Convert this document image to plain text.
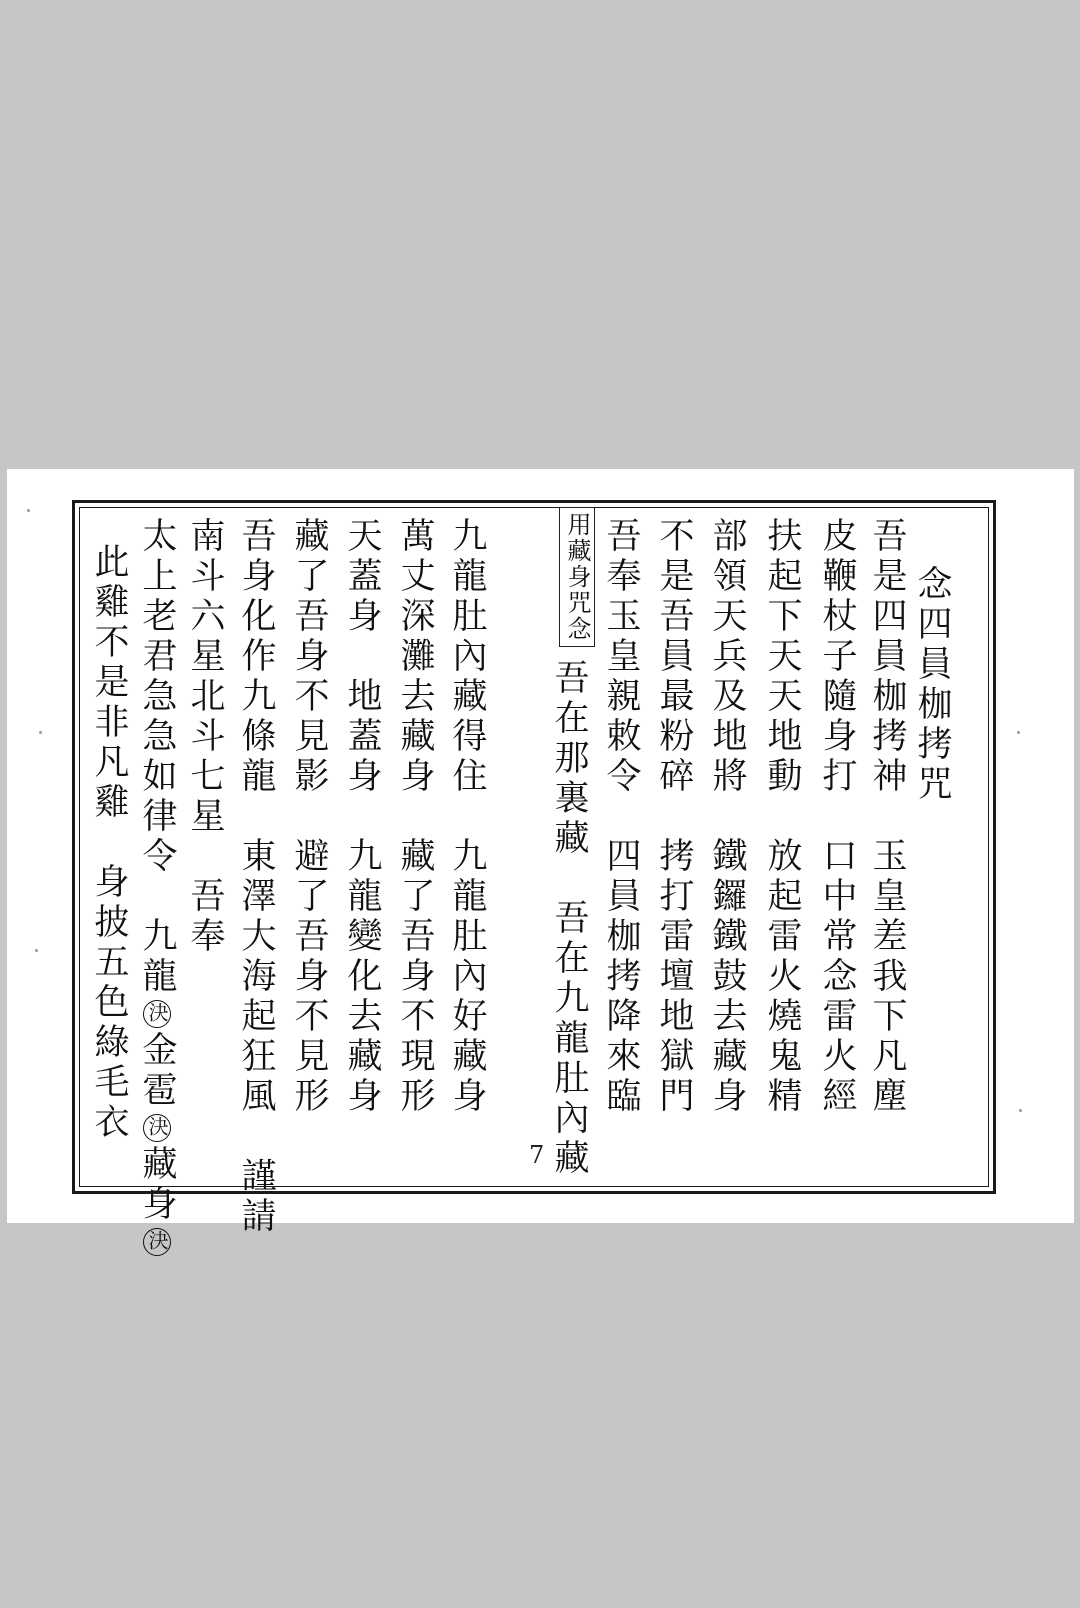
念四員枷拷咒
吾是四員枷拷神　玉皇差我下凡塵
皮鞭杖子隨身打　口中常念雷火經
扶起下天天地動　放起雷火燒鬼精
部領天兵及地將　鐵鑼鐵鼓去藏身
不是吾員最粉碎　拷打雷壇地獄門
吾奉玉皇親敕令　四員枷拷降來臨
用藏身咒念
吾在那裏藏　吾在九龍肚內藏
九龍肚內藏得住　九龍肚內好藏身
萬丈深灘去藏身　藏了吾身不現形
天蓋身　地蓋身　九龍變化去藏身
藏了吾身不見影　避了吾身不見形
吾身化作九條龍　東澤大海起狂風　謹請
南斗六星北斗七星　吾奉
太上老君急急如律令　九龍決金雹決藏身決
此雞不是非凡雞　身披五色綠毛衣
7
